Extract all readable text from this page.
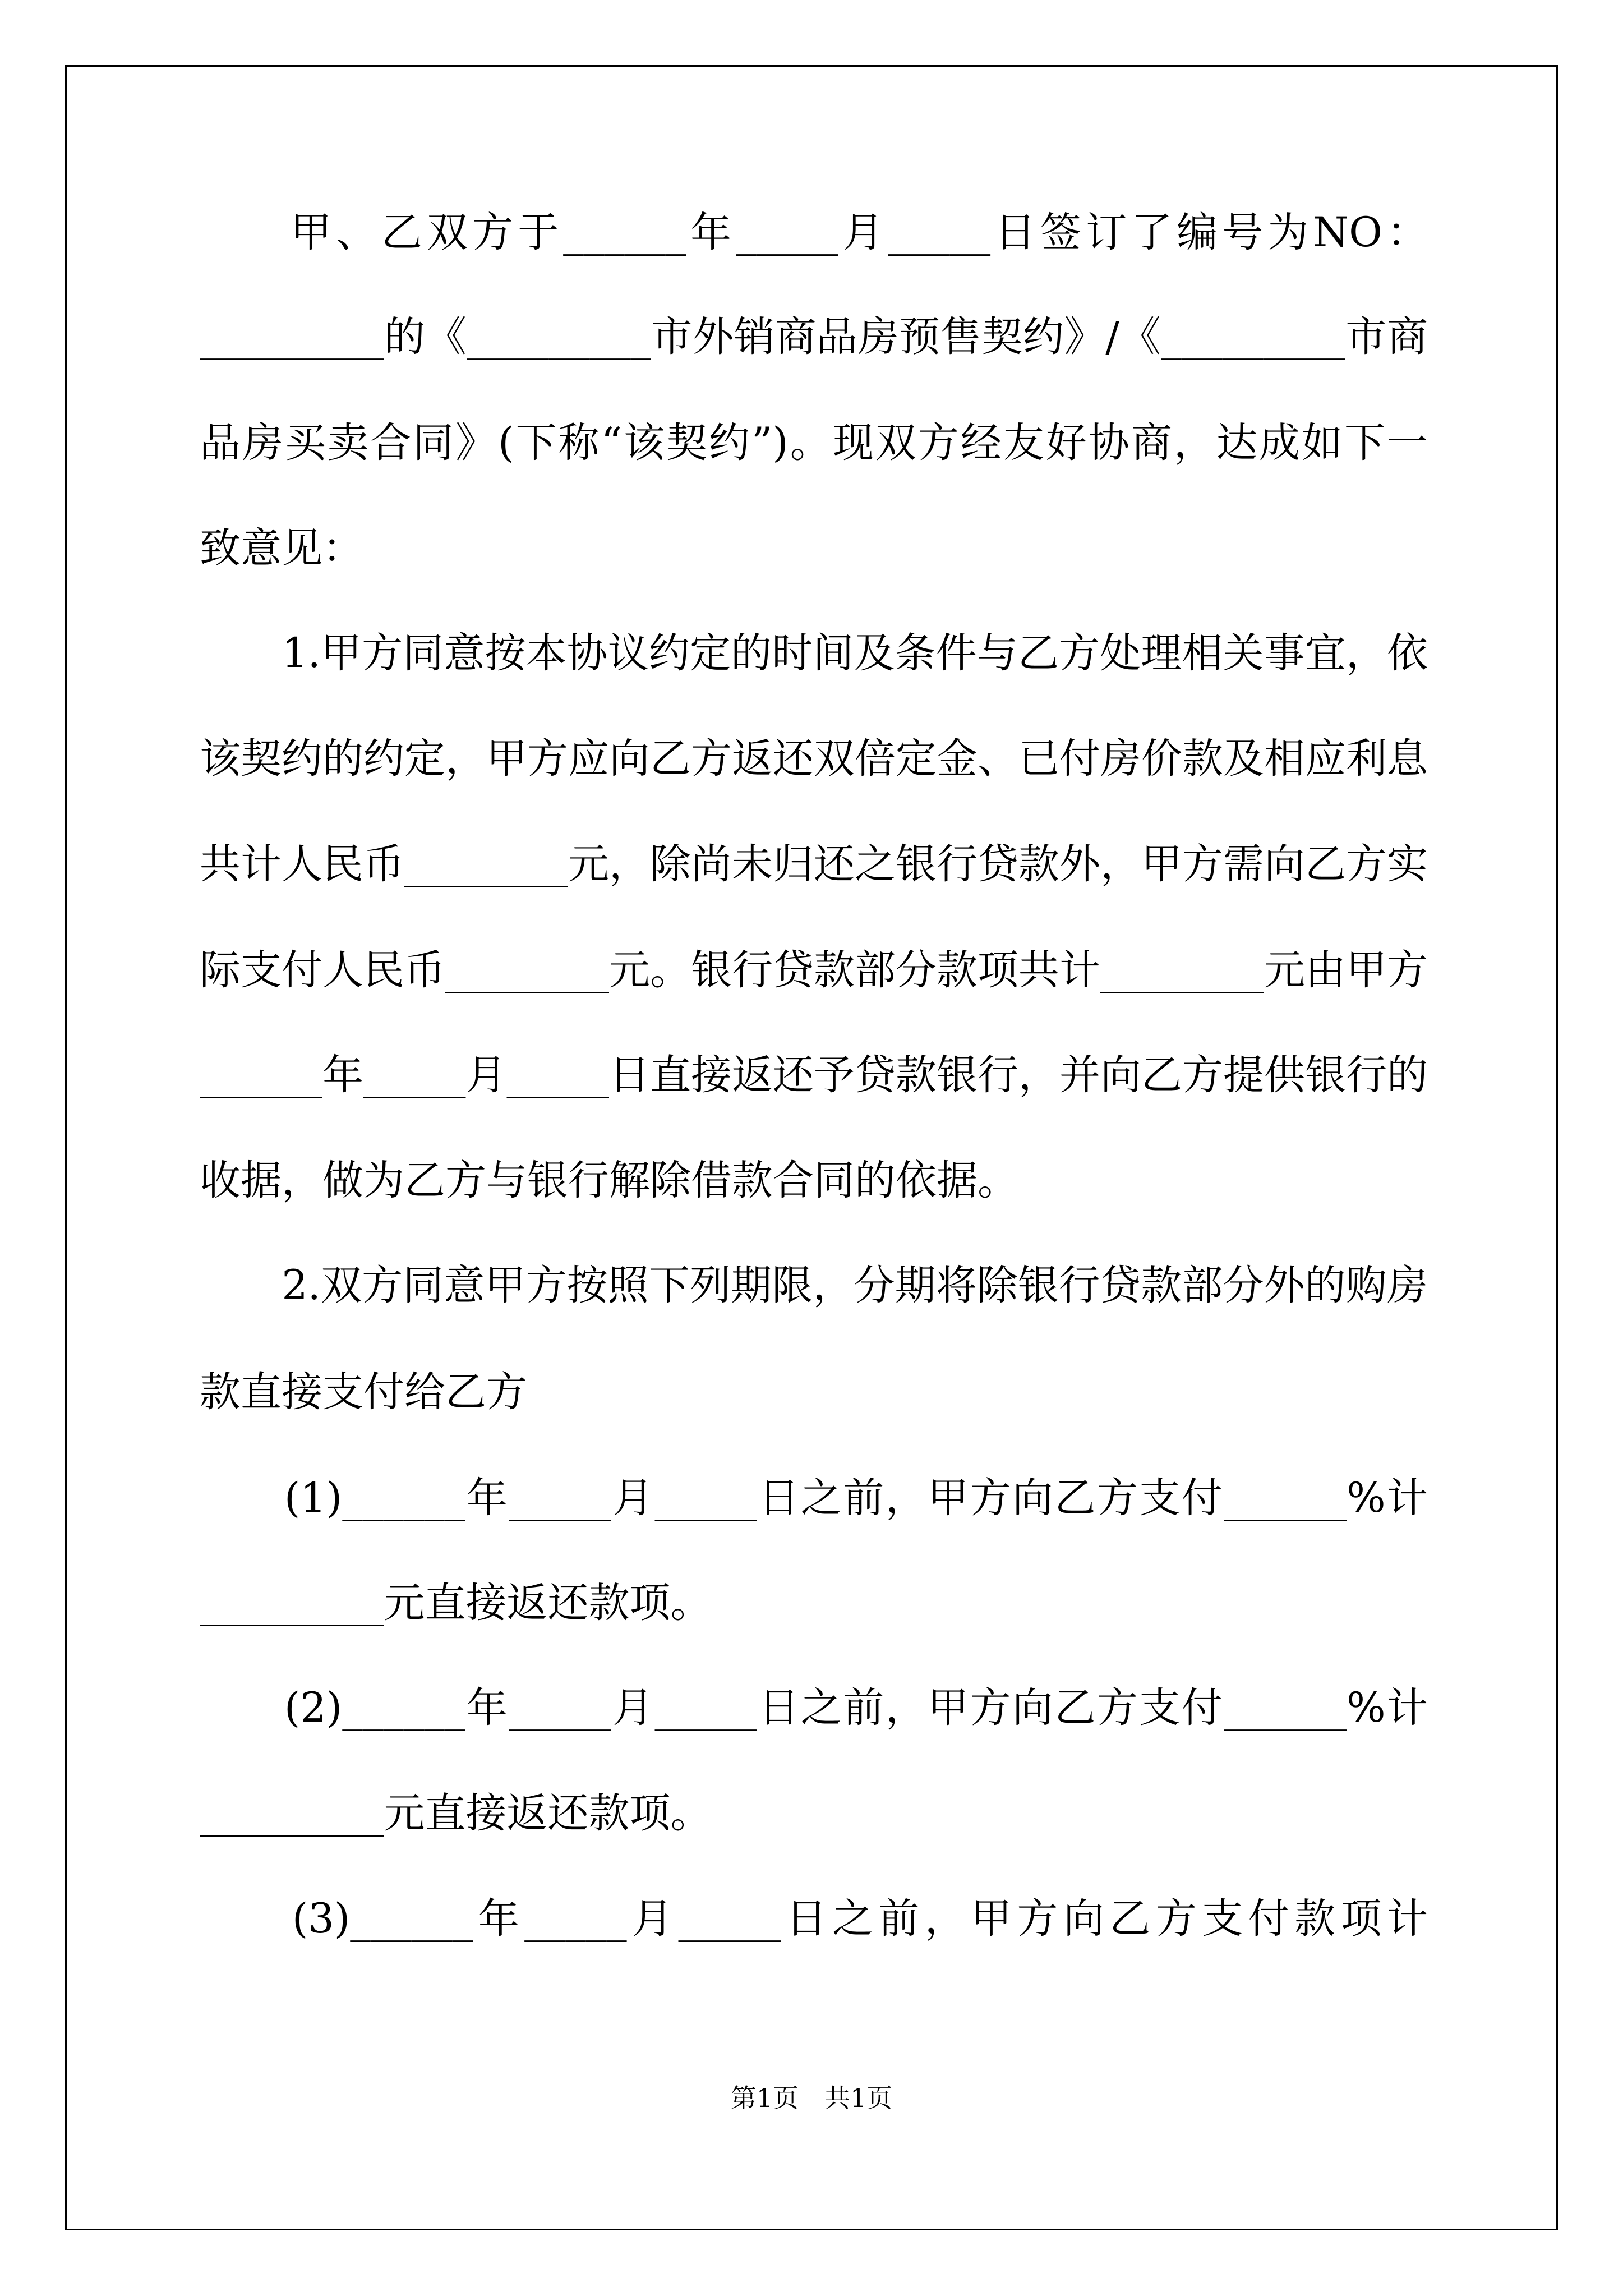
　　甲、乙双方于______年_____月_____日签订了编号为NO：
_________的《_________市外销商品房预售契约》/《_________市商
品房买卖合同》(下称“该契约”)。现双方经友好协商，达成如下一
致意见：
　　1.甲方同意按本协议约定的时间及条件与乙方处理相关事宜，依
该契约的约定，甲方应向乙方返还双倍定金、已付房价款及相应利息
共计人民币________元，除尚未归还之银行贷款外，甲方需向乙方实
际支付人民币________元。银行贷款部分款项共计________元由甲方
______年_____月_____日直接返还予贷款银行，并向乙方提供银行的
收据，做为乙方与银行解除借款合同的依据。
　　2.双方同意甲方按照下列期限，分期将除银行贷款部分外的购房
款直接支付给乙方
　　(1)______年_____月_____日之前，甲方向乙方支付______%计
_________元直接返还款项。
　　(2)______年_____月_____日之前，甲方向乙方支付______%计
_________元直接返还款项。
　　(3)______年_____月_____日之前，甲方向乙方支付款项计
第1页　共1页
